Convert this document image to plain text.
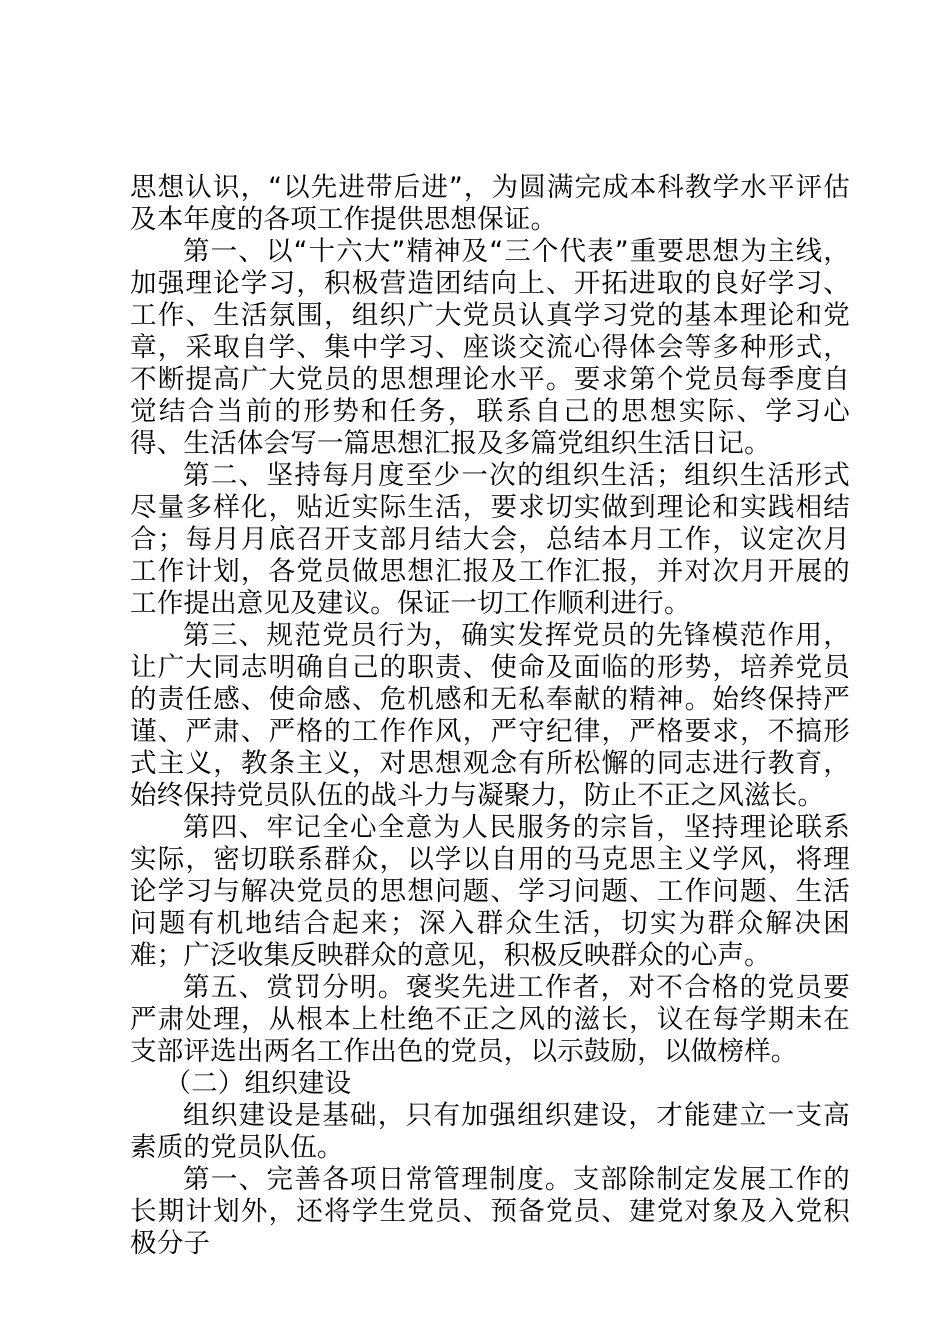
思想认识，“以先进带后进”，为圆满完成本科教学水平评估及本年度的各项工作提供思想保证。

第一、以“十六大”精神及“三个代表”重要思想为主线，加强理论学习，积极营造团结向上、开拓进取的良好学习、工作、生活氛围，组织广大党员认真学习党的基本理论和党章，采取自学、集中学习、座谈交流心得体会等多种形式，不断提高广大党员的思想理论水平。要求第个党员每季度自觉结合当前的形势和任务，联系自己的思想实际、学习心得、生活体会写一篇思想汇报及多篇党组织生活日记。

第二、坚持每月度至少一次的组织生活；组织生活形式尽量多样化，贴近实际生活，要求切实做到理论和实践相结合；每月月底召开支部月结大会，总结本月工作，议定次月工作计划，各党员做思想汇报及工作汇报，并对次月开展的工作提出意见及建议。保证一切工作顺利进行。

第三、规范党员行为，确实发挥党员的先锋模范作用，让广大同志明确自己的职责、使命及面临的形势，培养党员的责任感、使命感、危机感和无私奉献的精神。始终保持严谨、严肃、严格的工作作风，严守纪律，严格要求，不搞形式主义，教条主义，对思想观念有所松懈的同志进行教育，始终保持党员队伍的战斗力与凝聚力，防止不正之风滋长。

第四、牢记全心全意为人民服务的宗旨，坚持理论联系实际，密切联系群众，以学以自用的马克思主义学风，将理论学习与解决党员的思想问题、学习问题、工作问题、生活问题有机地结合起来；深入群众生活，切实为群众解决困难；广泛收集反映群众的意见，积极反映群众的心声。

第五、赏罚分明。褒奖先进工作者，对不合格的党员要严肃处理，从根本上杜绝不正之风的滋长，议在每学期未在支部评选出两名工作出色的党员，以示鼓励，以做榜样。

（二）组织建设

组织建设是基础，只有加强组织建设，才能建立一支高素质的党员队伍。

第一、完善各项日常管理制度。支部除制定发展工作的长期计划外，还将学生党员、预备党员、建党对象及入党积极分子
